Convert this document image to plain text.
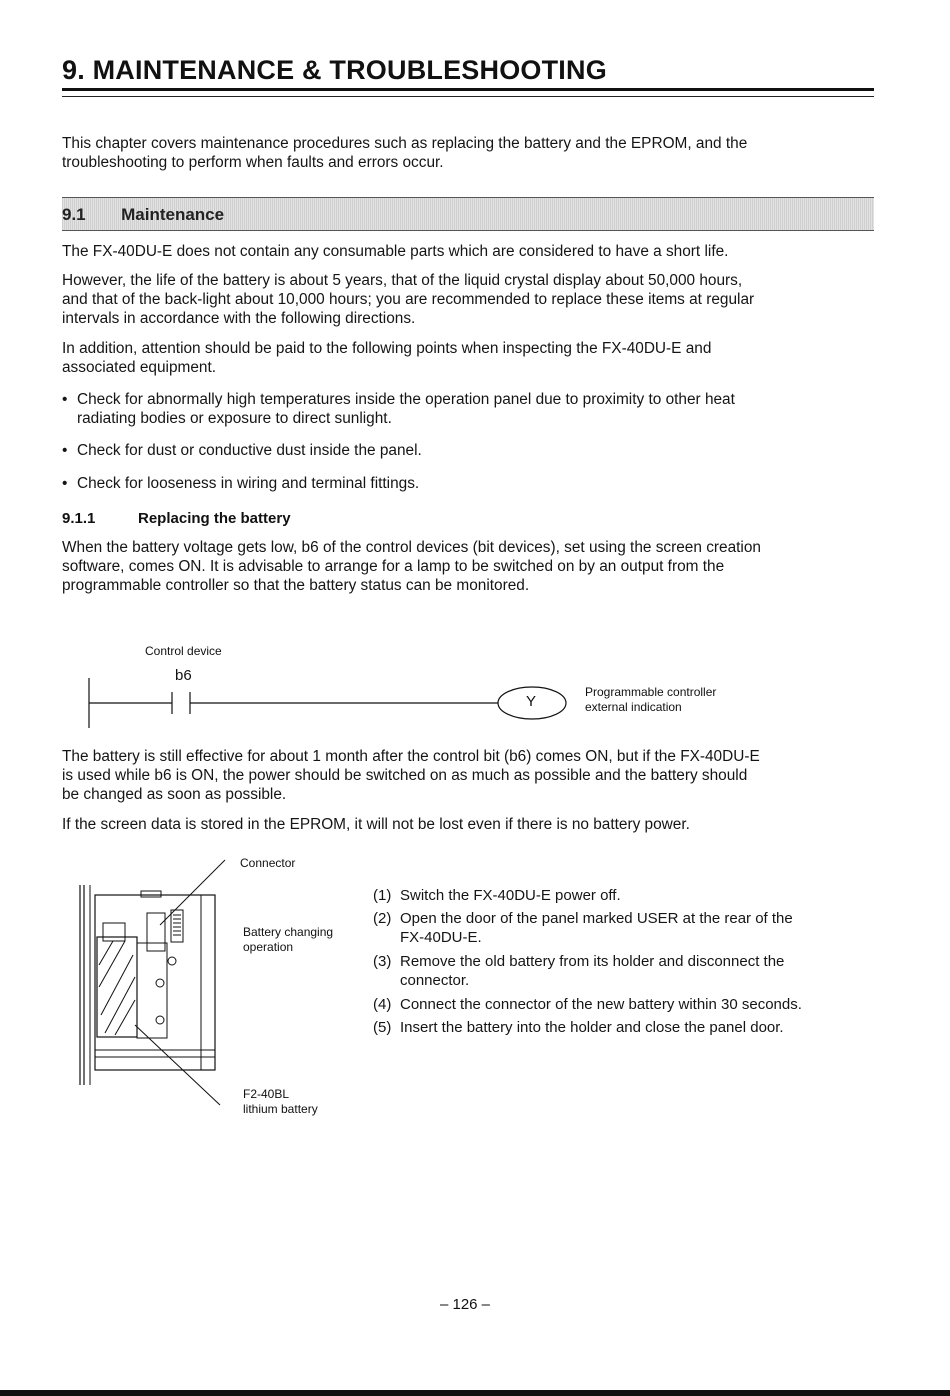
9. MAINTENANCE & TROUBLESHOOTING
This chapter covers maintenance procedures such as replacing the battery and the EPROM, and the
troubleshooting to perform when faults and errors occur.
9.1 Maintenance
The FX-40DU-E does not contain any consumable parts which are considered to have a short life.
However, the life of the battery is about 5 years, that of the liquid crystal display about 50,000 hours,
and that of the back-light about 10,000 hours; you are recommended to replace these items at regular
intervals in accordance with the following directions.
In addition, attention should be paid to the following points when inspecting the FX-40DU-E and
associated equipment.
• Check for abnormally high temperatures inside the operation panel due to proximity to other heat
radiating bodies or exposure to direct sunlight.
• Check for dust or conductive dust inside the panel.
• Check for looseness in wiring and terminal fittings.
9.1.1	Replacing the battery
When the battery voltage gets low, b6 of the control devices (bit devices), set using the screen creation
software, comes ON. It is advisable to arrange for a lamp to be switched on by an output from the
programmable controller so that the battery status can be monitored.
Control device
b6
Y
Programmable controller
external indication
The battery is still effective for about 1 month after the control bit (b6) comes ON, but if the FX-40DU-E
is used while b6 is ON, the power should be switched on as much as possible and the battery should
be changed as soon as possible.
If the screen data is stored in the EPROM, it will not be lost even if there is no battery power.
Connector
Battery changing
operation
F2-40BL
lithium battery
(1) Switch the FX-40DU-E power off.
(2) Open the door of the panel marked USER at the rear of the
FX-40DU-E.
(3) Remove the old battery from its holder and disconnect the
connector.
(4) Connect the connector of the new battery within 30 seconds.
(5) Insert the battery into the holder and close the panel door.
– 126 –
